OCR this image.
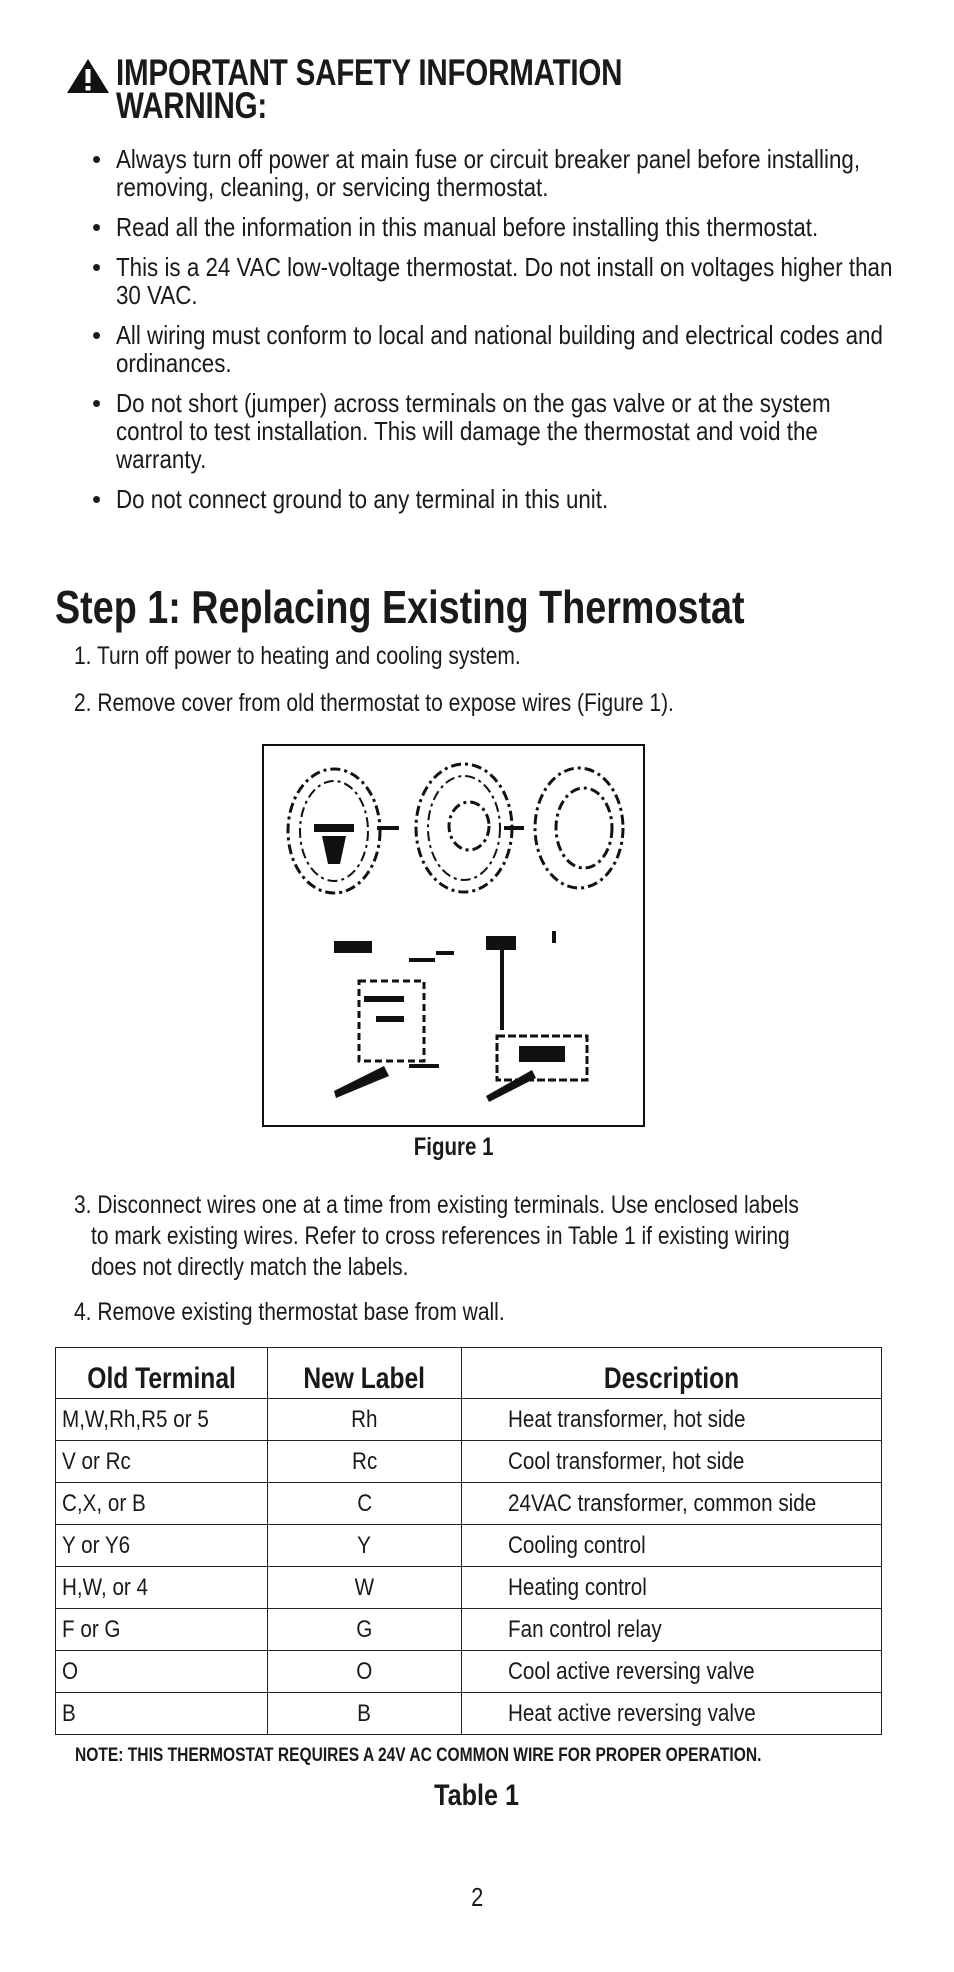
IMPORTANT SAFETY INFORMATION
WARNING:
• Always turn off power at main fuse or circuit breaker panel before installing, removing, cleaning, or servicing thermostat.
• Read all the information in this manual before installing this thermostat.
• This is a 24 VAC low-voltage thermostat. Do not install on voltages higher than 30 VAC.
• All wiring must conform to local and national building and electrical codes and ordinances.
• Do not short (jumper) across terminals on the gas valve or at the system control to test installation. This will damage the thermostat and void the warranty.
• Do not connect ground to any terminal in this unit.
Step 1: Replacing Existing Thermostat
1. Turn off power to heating and cooling system.
2. Remove cover from old thermostat to expose wires (Figure 1).
Figure 1
3. Disconnect wires one at a time from existing terminals. Use enclosed labels
to mark existing wires. Refer to cross references in Table 1 if existing wiring
does not directly match the labels.
4. Remove existing thermostat base from wall.
Old Terminal	New Label	Description
M,W,Rh,R5 or 5	Rh	Heat transformer, hot side
V or Rc	Rc	Cool transformer, hot side
C,X, or B	C	24VAC transformer, common side
Y or Y6	Y	Cooling control
H,W, or 4	W	Heating control
F or G	G	Fan control relay
O	O	Cool active reversing valve
B	B	Heat active reversing valve
NOTE: THIS THERMOSTAT REQUIRES A 24V AC COMMON WIRE FOR PROPER OPERATION.
Table 1
2
